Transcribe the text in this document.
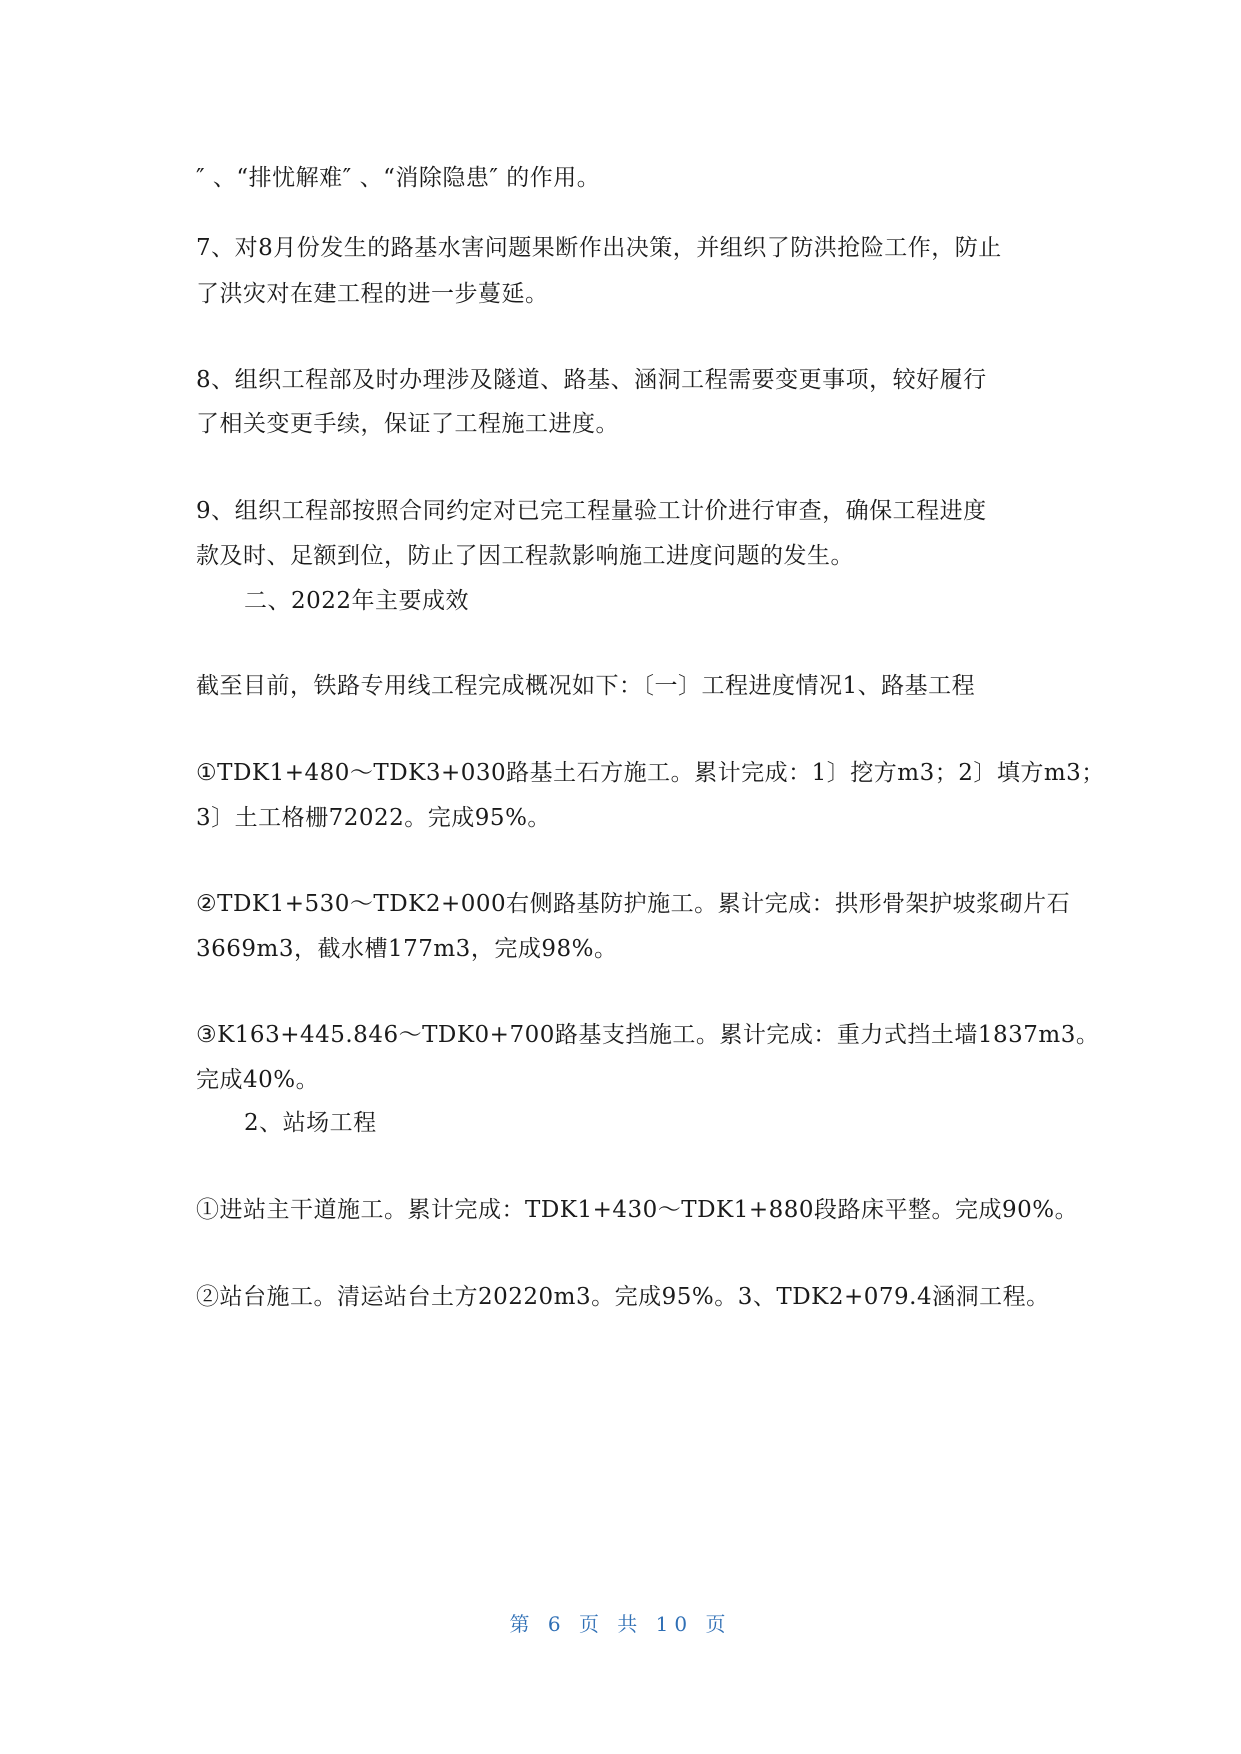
″ 、“排忧解难″ 、“消除隐患″ 的作用。
7、对8月份发生的路基水害问题果断作出决策，并组织了防洪抢险工作，防止
了洪灾对在建工程的进一步蔓延。
8、组织工程部及时办理涉及隧道、路基、涵洞工程需要变更事项，较好履行
了相关变更手续，保证了工程施工进度。
9、组织工程部按照合同约定对已完工程量验工计价进行审查，确保工程进度
款及时、足额到位，防止了因工程款影响施工进度问题的发生。
二、2022年主要成效
截至目前，铁路专用线工程完成概况如下：〔一〕工程进度情况1、路基工程
①TDK1+480～TDK3+030路基土石方施工。累计完成：1〕挖方m3；2〕填方m3；
3〕土工格栅72022。完成95%。
②TDK1+530～TDK2+000右侧路基防护施工。累计完成：拱形骨架护坡浆砌片石
3669m3，截水槽177m3，完成98%。
③K163+445.846～TDK0+700路基支挡施工。累计完成：重力式挡土墙1837m3。
完成40%。
2、站场工程
①进站主干道施工。累计完成：TDK1+430～TDK1+880段路床平整。完成90%。
②站台施工。清运站台土方20220m3。完成95%。3、TDK2+079.4涵洞工程。
第 6 页 共 10 页
